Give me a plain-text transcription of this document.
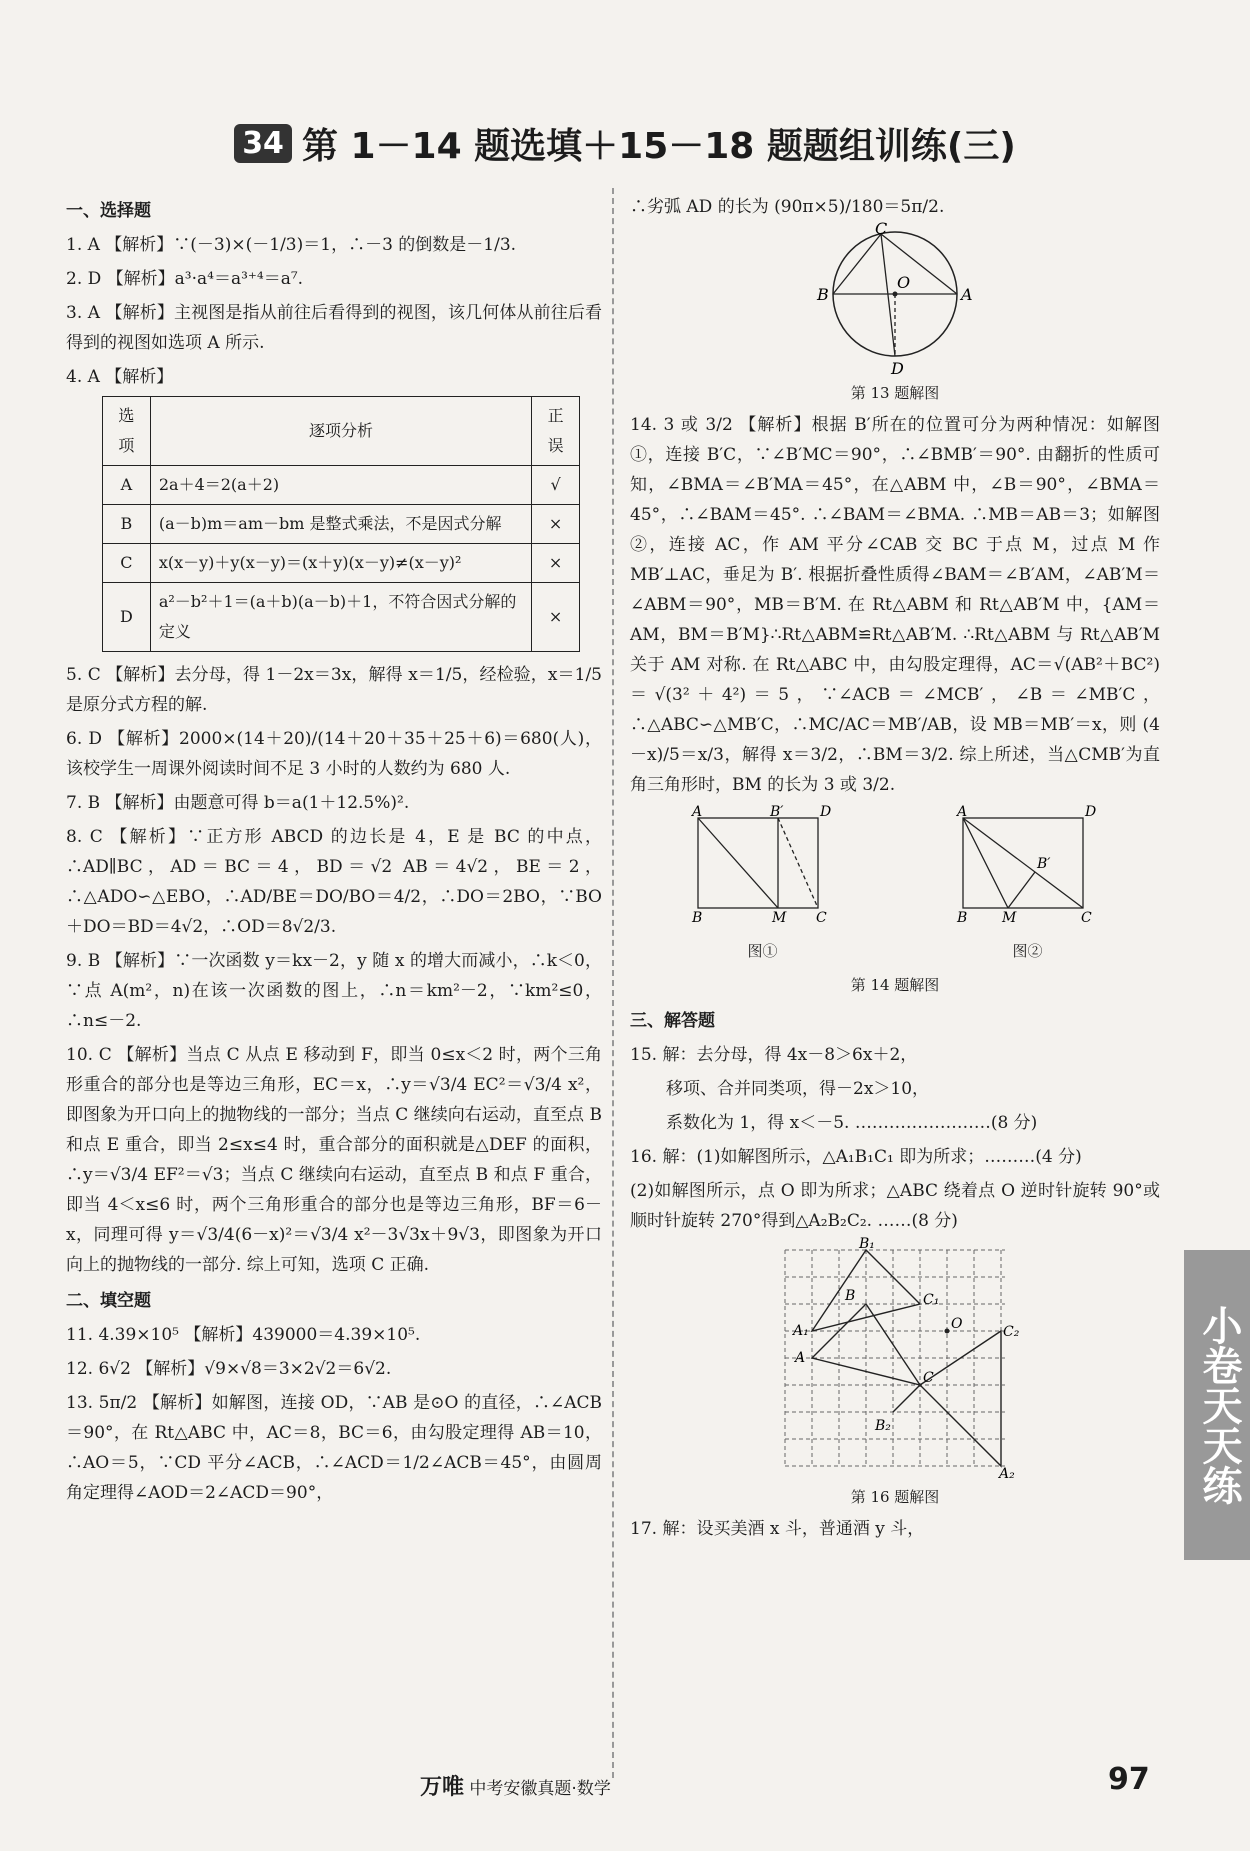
34 第 1－14 题选填＋15－18 题题组训练(三)
一、选择题
1. A 【解析】∵(－3)×(－1/3)＝1，∴－3 的倒数是－1/3.
2. D 【解析】a³·a⁴＝a³⁺⁴＝a⁷.
3. A 【解析】主视图是指从前往后看得到的视图，该几何体从前往后看得到的视图如选项 A 所示.
4. A 【解析】
选项	逐项分析	正误
A	2a＋4＝2(a＋2)	√
B	(a－b)m＝am－bm 是整式乘法，不是因式分解	×
C	x(x－y)＋y(x－y)＝(x＋y)(x－y)≠(x－y)²	×
D	a²－b²＋1＝(a＋b)(a－b)＋1，不符合因式分解的定义	×
5. C 【解析】去分母，得 1－2x＝3x，解得 x＝1/5，经检验，x＝1/5 是原分式方程的解.
6. D 【解析】2000×(14＋20)/(14＋20＋35＋25＋6)＝680(人)，该校学生一周课外阅读时间不足 3 小时的人数约为 680 人.
7. B 【解析】由题意可得 b＝a(1＋12.5%)².
8. C 【解析】∵正方形 ABCD 的边长是 4，E 是 BC 的中点，∴AD∥BC，AD＝BC＝4，BD＝√2 AB＝4√2，BE＝2，∴△ADO∽△EBO，∴AD/BE＝DO/BO＝4/2，∴DO＝2BO，∵BO＋DO＝BD＝4√2，∴OD＝8√2/3.
9. B 【解析】∵一次函数 y＝kx－2，y 随 x 的增大而减小，∴k＜0，∵点 A(m²，n)在该一次函数的图上，∴n＝km²－2，∵km²≤0，∴n≤－2.
10. C 【解析】当点 C 从点 E 移动到 F，即当 0≤x＜2 时，两个三角形重合的部分也是等边三角形，EC＝x，∴y＝√3/4 EC²＝√3/4 x²，即图象为开口向上的抛物线的一部分；当点 C 继续向右运动，直至点 B 和点 E 重合，即当 2≤x≤4 时，重合部分的面积就是△DEF 的面积，∴y＝√3/4 EF²＝√3；当点 C 继续向右运动，直至点 B 和点 F 重合，即当 4＜x≤6 时，两个三角形重合的部分也是等边三角形，BF＝6－x，同理可得 y＝√3/4(6－x)²＝√3/4 x²－3√3x＋9√3，即图象为开口向上的抛物线的一部分. 综上可知，选项 C 正确.
二、填空题
11. 4.39×10⁵ 【解析】439000＝4.39×10⁵.
12. 6√2 【解析】√9×√8＝3×2√2＝6√2.
13. 5π/2 【解析】如解图，连接 OD，∵AB 是⊙O 的直径，∴∠ACB＝90°，在 Rt△ABC 中，AC＝8，BC＝6，由勾股定理得 AB＝10，∴AO＝5，∵CD 平分∠ACB，∴∠ACD＝1/2∠ACB＝45°，由圆周角定理得∠AOD＝2∠ACD＝90°，
∴劣弧 AD 的长为 (90π×5)/180＝5π/2.
C
B
O
A
D
第 13 题解图
14. 3 或 3/2 【解析】根据 B′所在的位置可分为两种情况：如解图①，连接 B′C，∵∠B′MC＝90°，∴∠BMB′＝90°. 由翻折的性质可知，∠BMA＝∠B′MA＝45°，在△ABM 中，∠B＝90°，∠BMA＝45°，∴∠BAM＝45°. ∴∠BAM＝∠BMA. ∴MB＝AB＝3；如解图②，连接 AC，作 AM 平分∠CAB 交 BC 于点 M，过点 M 作 MB′⊥AC，垂足为 B′. 根据折叠性质得∠BAM＝∠B′AM，∠AB′M＝∠ABM＝90°，MB＝B′M. 在 Rt△ABM 和 Rt△AB′M 中，{AM＝AM，BM＝B′M}∴Rt△ABM≌Rt△AB′M. ∴Rt△ABM 与 Rt△AB′M 关于 AM 对称. 在 Rt△ABC 中，由勾股定理得，AC＝√(AB²＋BC²)＝√(3²＋4²)＝5，∵∠ACB＝∠MCB′，∠B＝∠MB′C，∴△ABC∽△MB′C，∴MC/AC＝MB′/AB，设 MB＝MB′＝x，则 (4－x)/5＝x/3，解得 x＝3/2，∴BM＝3/2. 综上所述，当△CMB′为直角三角形时，BM 的长为 3 或 3/2.
A	B′	D
B	M C
图①
A	D
B′
B M	C
图②
第 14 题解图
三、解答题
15. 解：去分母，得 4x－8＞6x＋2，
移项、合并同类项，得－2x＞10，
系数化为 1，得 x＜－5. ……………………(8 分)
16. 解：(1)如解图所示，△A₁B₁C₁ 即为所求；………(4 分)
(2)如解图所示，点 O 即为所求；△ABC 绕着点 O 逆时针旋转 90°或顺时针旋转 270°得到△A₂B₂C₂. ……(8 分)
B₁
B	C₁
A₁	O	C₂
A
C
B₂
A₂
第 16 题解图
17. 解：设买美酒 x 斗，普通酒 y 斗，
小卷天天练
万唯 中考安徽真题·数学	97
